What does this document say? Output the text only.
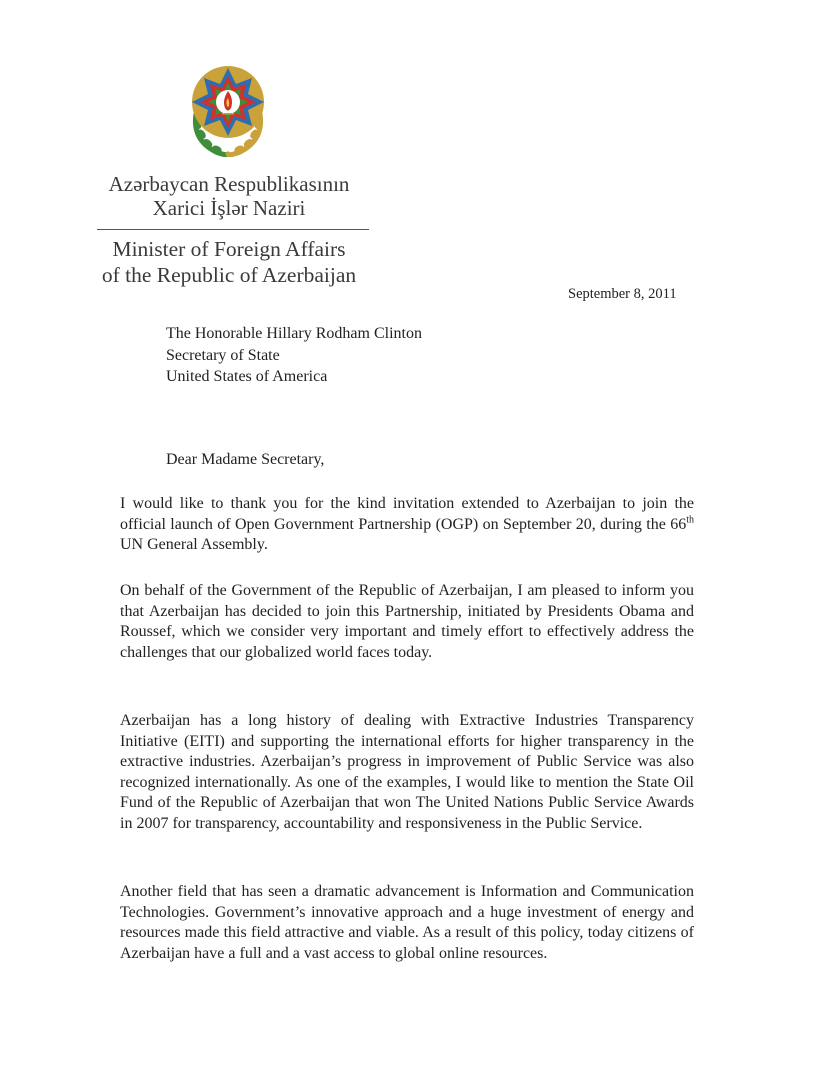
Azərbaycan Respublikasının
Xarici İşlər Naziri
Minister of Foreign Affairs
of the Republic of Azerbaijan
September 8, 2011
The Honorable Hillary Rodham Clinton
Secretary of State
United States of America
Dear Madame Secretary,
I would like to thank you for the kind invitation extended to Azerbaijan to join the official launch of Open Government Partnership (OGP) on September 20, during the 66th UN General Assembly.
On behalf of the Government of the Republic of Azerbaijan, I am pleased to inform you that Azerbaijan has decided to join this Partnership, initiated by Presidents Obama and Roussef, which we consider very important and timely effort to effectively address the challenges that our globalized world faces today.
Azerbaijan has a long history of dealing with Extractive Industries Transparency Initiative (EITI) and supporting the international efforts for higher transparency in the extractive industries. Azerbaijan’s progress in improvement of Public Service was also recognized internationally. As one of the examples, I would like to mention the State Oil Fund of the Republic of Azerbaijan that won The United Nations Public Service Awards in 2007 for transparency, accountability and responsiveness in the Public Service.
Another field that has seen a dramatic advancement is Information and Communication Technologies. Government’s innovative approach and a huge investment of energy and resources made this field attractive and viable. As a result of this policy, today citizens of Azerbaijan have a full and a vast access to global online resources.
